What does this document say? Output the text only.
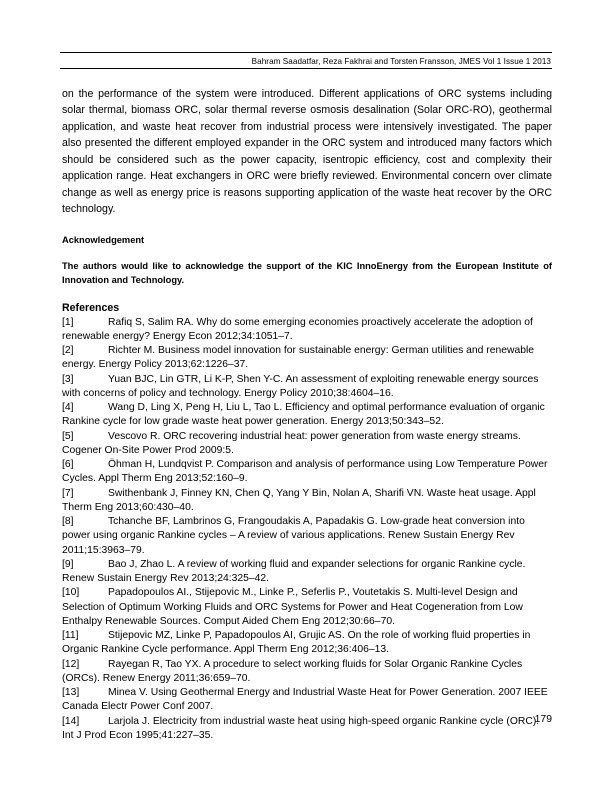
Bahram Saadatfar, Reza Fakhrai and Torsten Fransson, JMES Vol 1 Issue 1 2013

on the performance of the system were introduced. Different applications of ORC systems including solar thermal, biomass ORC, solar thermal reverse osmosis desalination (Solar ORC-RO), geothermal application, and waste heat recover from industrial process were intensively investigated. The paper also presented the different employed expander in the ORC system and introduced many factors which should be considered such as the power capacity, isentropic efficiency, cost and complexity their application range. Heat exchangers in ORC were briefly reviewed. Environmental concern over climate change as well as energy price is reasons supporting application of the waste heat recover by the ORC technology.

Acknowledgement

The authors would like to acknowledge the support of the KIC InnoEnergy from the European Institute of Innovation and Technology.

References
[1]	Rafiq S, Salim RA. Why do some emerging economies proactively accelerate the adoption of renewable energy? Energy Econ 2012;34:1051–7.
[2]	Richter M. Business model innovation for sustainable energy: German utilities and renewable energy. Energy Policy 2013;62:1226–37.
[3]	Yuan BJC, Lin GTR, Li K-P, Shen Y-C. An assessment of exploiting renewable energy sources with concerns of policy and technology. Energy Policy 2010;38:4604–16.
[4]	Wang D, Ling X, Peng H, Liu L, Tao L. Efficiency and optimal performance evaluation of organic Rankine cycle for low grade waste heat power generation. Energy 2013;50:343–52.
[5]	Vescovo R. ORC recovering industrial heat: power generation from waste energy streams. Cogener On-Site Power Prod 2009:5.
[6]	Öhman H, Lundqvist P. Comparison and analysis of performance using Low Temperature Power Cycles. Appl Therm Eng 2013;52:160–9.
[7]	Swithenbank J, Finney KN, Chen Q, Yang Y Bin, Nolan A, Sharifi VN. Waste heat usage. Appl Therm Eng 2013;60:430–40.
[8]	Tchanche BF, Lambrinos G, Frangoudakis A, Papadakis G. Low-grade heat conversion into power using organic Rankine cycles – A review of various applications. Renew Sustain Energy Rev 2011;15:3963–79.
[9]	Bao J, Zhao L. A review of working fluid and expander selections for organic Rankine cycle. Renew Sustain Energy Rev 2013;24:325–42.
[10]	Papadopoulos AI., Stijepovic M., Linke P., Seferlis P., Voutetakis S. Multi-level Design and Selection of Optimum Working Fluids and ORC Systems for Power and Heat Cogeneration from Low Enthalpy Renewable Sources. Comput Aided Chem Eng 2012;30:66–70.
[11]	Stijepovic MZ, Linke P, Papadopoulos AI, Grujic AS. On the role of working fluid properties in Organic Rankine Cycle performance. Appl Therm Eng 2012;36:406–13.
[12]	Rayegan R, Tao YX. A procedure to select working fluids for Solar Organic Rankine Cycles (ORCs). Renew Energy 2011;36:659–70.
[13]	Minea V. Using Geothermal Energy and Industrial Waste Heat for Power Generation. 2007 IEEE Canada Electr Power Conf 2007.
[14]	Larjola J. Electricity from industrial waste heat using high-speed organic Rankine cycle (ORC). Int J Prod Econ 1995;41:227–35.
179
